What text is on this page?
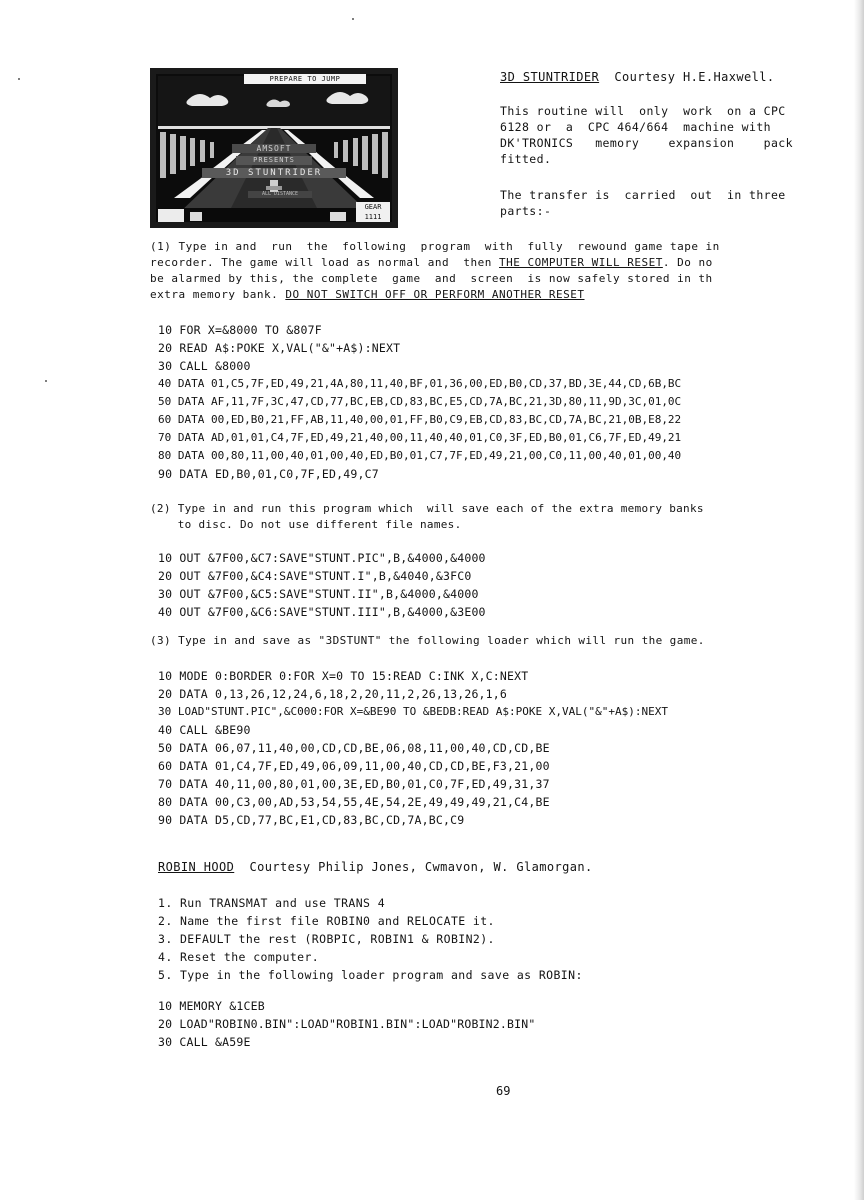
PREPARE TO JUMP
AMSOFT
PRESENTS
3D STUNTRIDER
ALL DISTANCE
GEAR
1111
3D STUNTRIDER Courtesy H.E.Haxwell.
This routine will  only  work  on a CPC
6128 or  a  CPC 464/664  machine with
DK'TRONICS   memory    expansion    pack
fitted.
The transfer is  carried  out  in three
parts:-
(1) Type in and  run  the  following  program  with  fully  rewound game tape in
recorder. The game will load as normal and  then THE COMPUTER WILL RESET. Do no
be alarmed by this, the complete  game  and  screen  is now safely stored in th
extra memory bank. DO NOT SWITCH OFF OR PERFORM ANOTHER RESET
10 FOR X=&8000 TO &807F
20 READ A$:POKE X,VAL("&"+A$):NEXT
30 CALL &8000
40 DATA 01,C5,7F,ED,49,21,4A,80,11,40,BF,01,36,00,ED,B0,CD,37,BD,3E,44,CD,6B,BC
50 DATA AF,11,7F,3C,47,CD,77,BC,EB,CD,83,BC,E5,CD,7A,BC,21,3D,80,11,9D,3C,01,0C
60 DATA 00,ED,B0,21,FF,AB,11,40,00,01,FF,B0,C9,EB,CD,83,BC,CD,7A,BC,21,0B,E8,22
70 DATA AD,01,01,C4,7F,ED,49,21,40,00,11,40,40,01,C0,3F,ED,B0,01,C6,7F,ED,49,21
80 DATA 00,80,11,00,40,01,00,40,ED,B0,01,C7,7F,ED,49,21,00,C0,11,00,40,01,00,40
90 DATA ED,B0,01,C0,7F,ED,49,C7
(2) Type in and run this program which  will save each of the extra memory banks
to disc. Do not use different file names.
10 OUT &7F00,&C7:SAVE"STUNT.PIC",B,&4000,&4000
20 OUT &7F00,&C4:SAVE"STUNT.I",B,&4040,&3FC0
30 OUT &7F00,&C5:SAVE"STUNT.II",B,&4000,&4000
40 OUT &7F00,&C6:SAVE"STUNT.III",B,&4000,&3E00
(3) Type in and save as "3DSTUNT" the following loader which will run the game.
10 MODE 0:BORDER 0:FOR X=0 TO 15:READ C:INK X,C:NEXT
20 DATA 0,13,26,12,24,6,18,2,20,11,2,26,13,26,1,6
30 LOAD"STUNT.PIC",&C000:FOR X=&BE90 TO &BEDB:READ A$:POKE X,VAL("&"+A$):NEXT
40 CALL &BE90
50 DATA 06,07,11,40,00,CD,CD,BE,06,08,11,00,40,CD,CD,BE
60 DATA 01,C4,7F,ED,49,06,09,11,00,40,CD,CD,BE,F3,21,00
70 DATA 40,11,00,80,01,00,3E,ED,B0,01,C0,7F,ED,49,31,37
80 DATA 00,C3,00,AD,53,54,55,4E,54,2E,49,49,49,21,C4,BE
90 DATA D5,CD,77,BC,E1,CD,83,BC,CD,7A,BC,C9
ROBIN HOOD Courtesy Philip Jones, Cwmavon, W. Glamorgan.
1. Run TRANSMAT and use TRANS 4
2. Name the first file ROBIN0 and RELOCATE it.
3. DEFAULT the rest (ROBPIC, ROBIN1 & ROBIN2).
4. Reset the computer.
5. Type in the following loader program and save as ROBIN:
10 MEMORY &1CEB
20 LOAD"ROBIN0.BIN":LOAD"ROBIN1.BIN":LOAD"ROBIN2.BIN"
30 CALL &A59E
69
